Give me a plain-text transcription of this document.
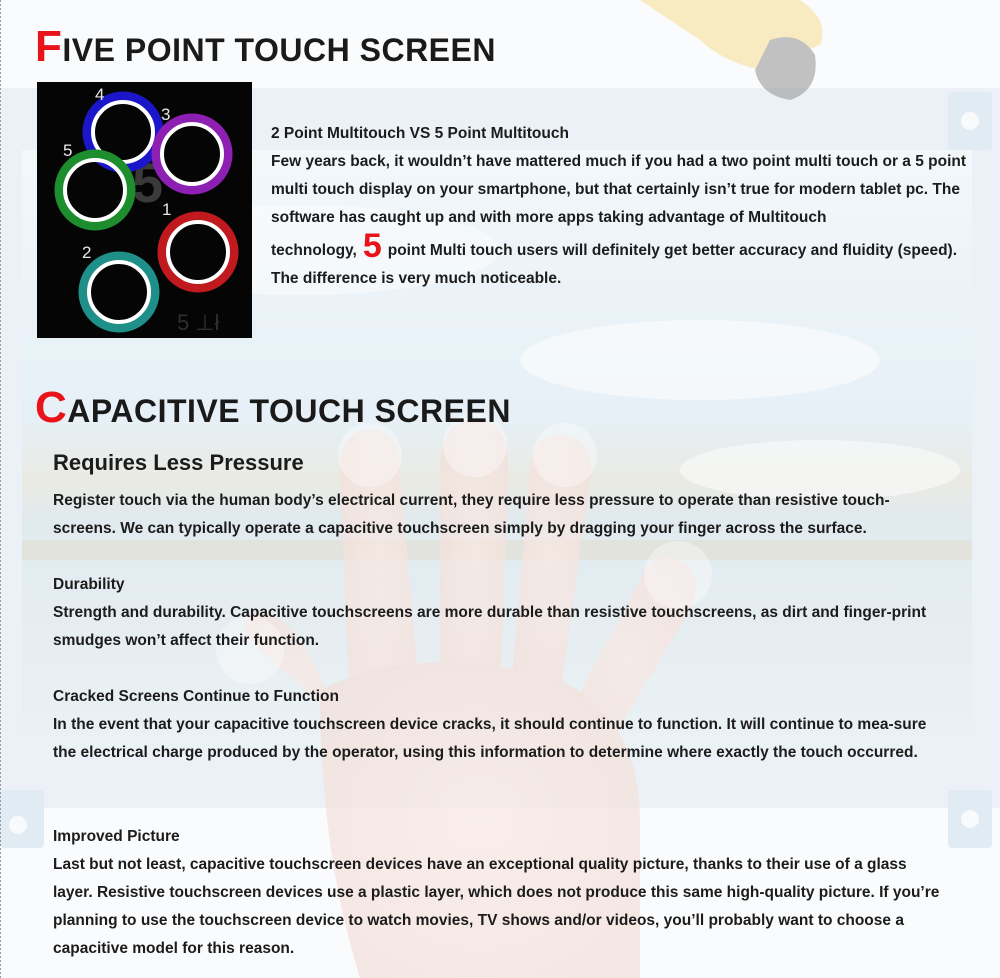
FIVE POINT TOUCH SCREEN
5
5 ⊥ł
4
3
5
1
2
2 Point Multitouch VS 5 Point Multitouch
Few years back, it wouldn’t have mattered much if you had a two point multi touch or a 5 point multi touch display on your smartphone, but that certainly isn’t true for modern tablet pc. The software has caught up and with more apps taking advantage of Multitouch technology, 5 point Multi touch users will definitely get better accuracy and fluidity (speed). The difference is very much noticeable.
CAPACITIVE TOUCH SCREEN
Requires Less Pressure

Register touch via the human body’s electrical current, they require less pressure to operate than resistive touch-screens. We can typically operate a capacitive touchscreen simply by dragging your finger across the surface.

Durability
Strength and durability. Capacitive touchscreens are more durable than resistive touchscreens, as dirt and finger-print smudges won’t affect their function.
Cracked Screens Continue to Function
In the event that your capacitive touchscreen device cracks, it should continue to function. It will continue to mea-sure the electrical charge produced by the operator, using this information to determine where exactly the touch occurred.
Improved Picture
Last but not least, capacitive touchscreen devices have an exceptional quality picture, thanks to their use of a glass layer. Resistive touchscreen devices use a plastic layer, which does not produce this same high-quality picture. If you’re planning to use the touchscreen device to watch movies, TV shows and/or videos, you’ll probably want to choose a capacitive model for this reason.
